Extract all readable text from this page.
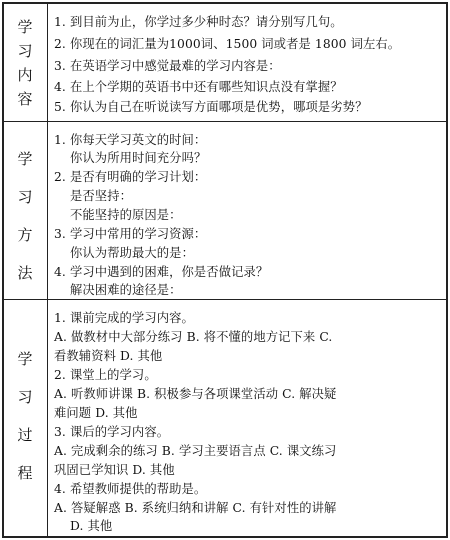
学
习
内
容
1. 到目前为止，你学过多少种时态？请分别写几句。
2. 你现在的词汇量为1000词、1500 词或者是 1800 词左右。
3. 在英语学习中感觉最难的学习内容是：
4. 在上个学期的英语书中还有哪些知识点没有掌握？
5. 你认为自己在听说读写方面哪项是优势，哪项是劣势？
学
习
方
法
1. 你每天学习英文的时间：
你认为所用时间充分吗？
2. 是否有明确的学习计划：
是否坚持：
不能坚持的原因是：
3. 学习中常用的学习资源：
你认为帮助最大的是：
4. 学习中遇到的困难，你是否做记录？
解决困难的途径是：
学
习
过
程
1. 课前完成的学习内容。
A. 做教材中大部分练习 B. 将不懂的地方记下来 C.
看教辅资料 D. 其他
2. 课堂上的学习。
A. 听教师讲课 B. 积极参与各项课堂活动 C. 解决疑
难问题 D. 其他
3. 课后的学习内容。
A. 完成剩余的练习 B. 学习主要语言点 C. 课文练习
巩固已学知识 D. 其他
4. 希望教师提供的帮助是。
A. 答疑解惑 B. 系统归纳和讲解 C. 有针对性的讲解
D. 其他
